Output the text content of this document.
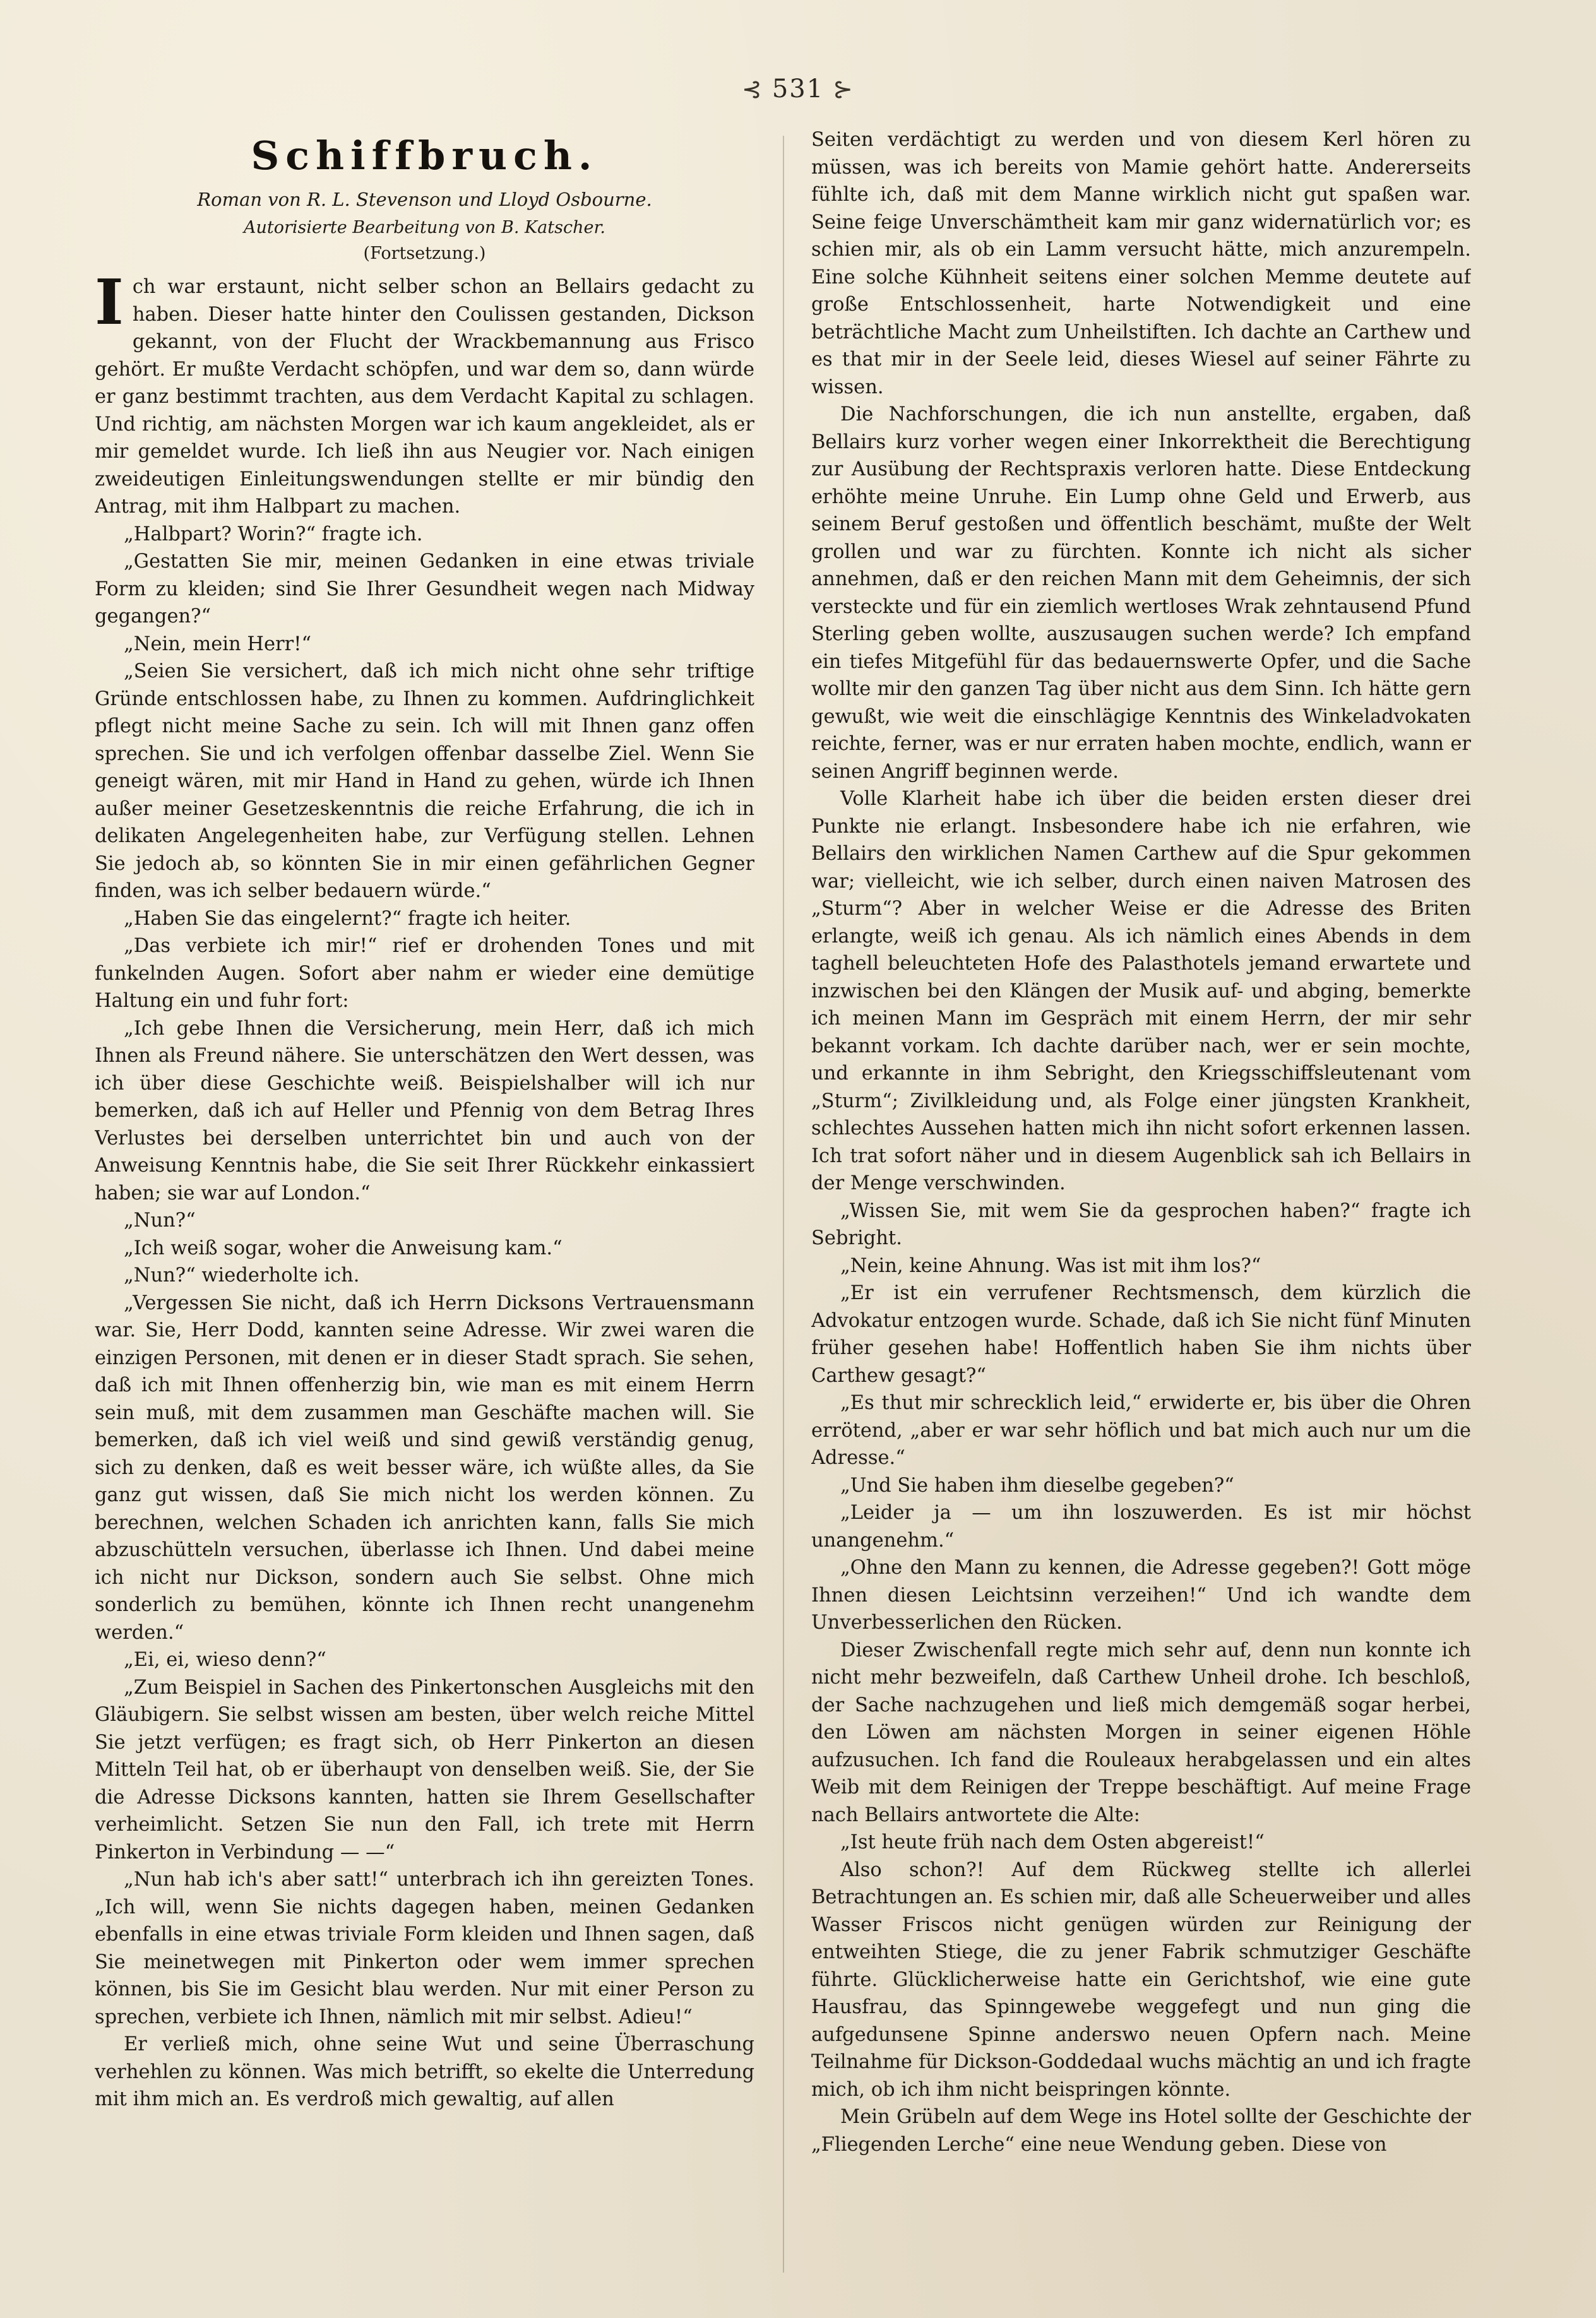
⊰ 531 ⊱
Schiffbruch.
Roman von R. L. Stevenson und Lloyd Osbourne.
Autorisierte Bearbeitung von B. Katscher.
(Fortsetzung.)

Ich war erstaunt, nicht selber schon an Bellairs gedacht zu haben. Dieser hatte hinter den Coulissen gestanden, Dickson gekannt, von der Flucht der Wrackbemannung aus Frisco gehört. Er mußte Verdacht schöpfen, und war dem so, dann würde er ganz bestimmt trachten, aus dem Verdacht Kapital zu schlagen. Und richtig, am nächsten Morgen war ich kaum angekleidet, als er mir gemeldet wurde. Ich ließ ihn aus Neugier vor. Nach einigen zweideutigen Einleitungswendungen stellte er mir bündig den Antrag, mit ihm Halbpart zu machen.

„Halbpart? Worin?“ fragte ich.

„Gestatten Sie mir, meinen Gedanken in eine etwas triviale Form zu kleiden; sind Sie Ihrer Gesundheit wegen nach Midway gegangen?“

„Nein, mein Herr!“

„Seien Sie versichert, daß ich mich nicht ohne sehr triftige Gründe entschlossen habe, zu Ihnen zu kommen. Aufdringlichkeit pflegt nicht meine Sache zu sein. Ich will mit Ihnen ganz offen sprechen. Sie und ich verfolgen offenbar dasselbe Ziel. Wenn Sie geneigt wären, mit mir Hand in Hand zu gehen, würde ich Ihnen außer meiner Gesetzeskenntnis die reiche Erfahrung, die ich in delikaten Angelegenheiten habe, zur Verfügung stellen. Lehnen Sie jedoch ab, so könnten Sie in mir einen gefährlichen Gegner finden, was ich selber bedauern würde.“

„Haben Sie das eingelernt?“ fragte ich heiter.

„Das verbiete ich mir!“ rief er drohenden Tones und mit funkelnden Augen. Sofort aber nahm er wieder eine demütige Haltung ein und fuhr fort:

„Ich gebe Ihnen die Versicherung, mein Herr, daß ich mich Ihnen als Freund nähere. Sie unterschätzen den Wert dessen, was ich über diese Geschichte weiß. Beispielshalber will ich nur bemerken, daß ich auf Heller und Pfennig von dem Betrag Ihres Verlustes bei derselben unterrichtet bin und auch von der Anweisung Kenntnis habe, die Sie seit Ihrer Rückkehr einkassiert haben; sie war auf London.“

„Nun?“

„Ich weiß sogar, woher die Anweisung kam.“

„Nun?“ wiederholte ich.

„Vergessen Sie nicht, daß ich Herrn Dicksons Vertrauensmann war. Sie, Herr Dodd, kannten seine Adresse. Wir zwei waren die einzigen Personen, mit denen er in dieser Stadt sprach. Sie sehen, daß ich mit Ihnen offenherzig bin, wie man es mit einem Herrn sein muß, mit dem zusammen man Geschäfte machen will. Sie bemerken, daß ich viel weiß und sind gewiß verständig genug, sich zu denken, daß es weit besser wäre, ich wüßte alles, da Sie ganz gut wissen, daß Sie mich nicht los werden können. Zu berechnen, welchen Schaden ich anrichten kann, falls Sie mich abzuschütteln versuchen, überlasse ich Ihnen. Und dabei meine ich nicht nur Dickson, sondern auch Sie selbst. Ohne mich sonderlich zu bemühen, könnte ich Ihnen recht unangenehm werden.“

„Ei, ei, wieso denn?“

„Zum Beispiel in Sachen des Pinkertonschen Ausgleichs mit den Gläubigern. Sie selbst wissen am besten, über welch reiche Mittel Sie jetzt verfügen; es fragt sich, ob Herr Pinkerton an diesen Mitteln Teil hat, ob er überhaupt von denselben weiß. Sie, der Sie die Adresse Dicksons kannten, hatten sie Ihrem Gesellschafter verheimlicht. Setzen Sie nun den Fall, ich trete mit Herrn Pinkerton in Verbindung — —“

„Nun hab ich's aber satt!“ unterbrach ich ihn gereizten Tones. „Ich will, wenn Sie nichts dagegen haben, meinen Gedanken ebenfalls in eine etwas triviale Form kleiden und Ihnen sagen, daß Sie meinetwegen mit Pinkerton oder wem immer sprechen können, bis Sie im Gesicht blau werden. Nur mit einer Person zu sprechen, verbiete ich Ihnen, nämlich mit mir selbst. Adieu!“

Er verließ mich, ohne seine Wut und seine Überraschung verhehlen zu können. Was mich betrifft, so ekelte die Unterredung mit ihm mich an. Es verdroß mich gewaltig, auf allen

Seiten verdächtigt zu werden und von diesem Kerl hören zu müssen, was ich bereits von Mamie gehört hatte. Andererseits fühlte ich, daß mit dem Manne wirklich nicht gut spaßen war. Seine feige Unverschämtheit kam mir ganz widernatürlich vor; es schien mir, als ob ein Lamm versucht hätte, mich anzurempeln. Eine solche Kühnheit seitens einer solchen Memme deutete auf große Entschlossenheit, harte Notwendigkeit und eine beträchtliche Macht zum Unheilstiften. Ich dachte an Carthew und es that mir in der Seele leid, dieses Wiesel auf seiner Fährte zu wissen.

Die Nachforschungen, die ich nun anstellte, ergaben, daß Bellairs kurz vorher wegen einer Inkorrektheit die Berechtigung zur Ausübung der Rechtspraxis verloren hatte. Diese Entdeckung erhöhte meine Unruhe. Ein Lump ohne Geld und Erwerb, aus seinem Beruf gestoßen und öffentlich beschämt, mußte der Welt grollen und war zu fürchten. Konnte ich nicht als sicher annehmen, daß er den reichen Mann mit dem Geheimnis, der sich versteckte und für ein ziemlich wertloses Wrak zehntausend Pfund Sterling geben wollte, auszusaugen suchen werde? Ich empfand ein tiefes Mitgefühl für das bedauernswerte Opfer, und die Sache wollte mir den ganzen Tag über nicht aus dem Sinn. Ich hätte gern gewußt, wie weit die einschlägige Kenntnis des Winkeladvokaten reichte, ferner, was er nur erraten haben mochte, endlich, wann er seinen Angriff beginnen werde.

Volle Klarheit habe ich über die beiden ersten dieser drei Punkte nie erlangt. Insbesondere habe ich nie erfahren, wie Bellairs den wirklichen Namen Carthew auf die Spur gekommen war; vielleicht, wie ich selber, durch einen naiven Matrosen des „Sturm“? Aber in welcher Weise er die Adresse des Briten erlangte, weiß ich genau. Als ich nämlich eines Abends in dem taghell beleuchteten Hofe des Palasthotels jemand erwartete und inzwischen bei den Klängen der Musik auf- und abging, bemerkte ich meinen Mann im Gespräch mit einem Herrn, der mir sehr bekannt vorkam. Ich dachte darüber nach, wer er sein mochte, und erkannte in ihm Sebright, den Kriegsschiffsleutenant vom „Sturm“; Zivilkleidung und, als Folge einer jüngsten Krankheit, schlechtes Aussehen hatten mich ihn nicht sofort erkennen lassen. Ich trat sofort näher und in diesem Augenblick sah ich Bellairs in der Menge verschwinden.

„Wissen Sie, mit wem Sie da gesprochen haben?“ fragte ich Sebright.

„Nein, keine Ahnung. Was ist mit ihm los?“

„Er ist ein verrufener Rechtsmensch, dem kürzlich die Advokatur entzogen wurde. Schade, daß ich Sie nicht fünf Minuten früher gesehen habe! Hoffentlich haben Sie ihm nichts über Carthew gesagt?“

„Es thut mir schrecklich leid,“ erwiderte er, bis über die Ohren errötend, „aber er war sehr höflich und bat mich auch nur um die Adresse.“

„Und Sie haben ihm dieselbe gegeben?“

„Leider ja — um ihn loszuwerden. Es ist mir höchst unangenehm.“

„Ohne den Mann zu kennen, die Adresse gegeben?! Gott möge Ihnen diesen Leichtsinn verzeihen!“ Und ich wandte dem Unverbesserlichen den Rücken.

Dieser Zwischenfall regte mich sehr auf, denn nun konnte ich nicht mehr bezweifeln, daß Carthew Unheil drohe. Ich beschloß, der Sache nachzugehen und ließ mich demgemäß sogar herbei, den Löwen am nächsten Morgen in seiner eigenen Höhle aufzusuchen. Ich fand die Rouleaux herabgelassen und ein altes Weib mit dem Reinigen der Treppe beschäftigt. Auf meine Frage nach Bellairs antwortete die Alte:

„Ist heute früh nach dem Osten abgereist!“

Also schon?! Auf dem Rückweg stellte ich allerlei Betrachtungen an. Es schien mir, daß alle Scheuerweiber und alles Wasser Friscos nicht genügen würden zur Reinigung der entweihten Stiege, die zu jener Fabrik schmutziger Geschäfte führte. Glücklicherweise hatte ein Gerichtshof, wie eine gute Hausfrau, das Spinngewebe weggefegt und nun ging die aufgedunsene Spinne anderswo neuen Opfern nach. Meine Teilnahme für Dickson-Goddedaal wuchs mächtig an und ich fragte mich, ob ich ihm nicht beispringen könnte.

Mein Grübeln auf dem Wege ins Hotel sollte der Geschichte der „Fliegenden Lerche“ eine neue Wendung geben. Diese von
